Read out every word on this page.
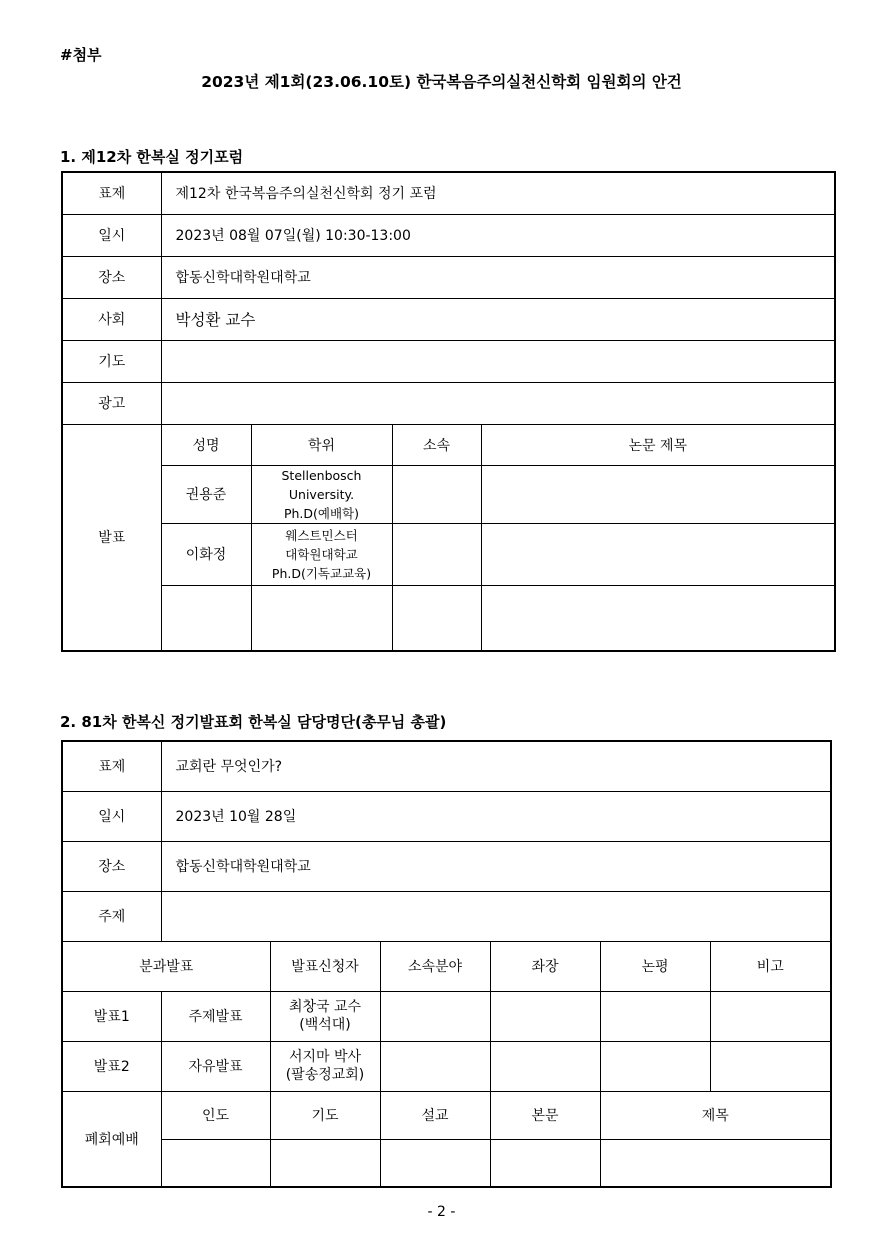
#첨부
2023년 제1회(23.06.10토) 한국복음주의실천신학회 임원회의 안건
1. 제12차 한복실 정기포럼
표제	제12차 한국복음주의실천신학회 정기 포럼			
일시	2023년 08월 07일(월) 10:30-13:00			
장소	합동신학대학원대학교			
사회	박성환 교수			
기도				
광고				
발표	성명	학위	소속	논문 제목
	권용준	Stellenbosch
University.
Ph.D(예배학)		

	이화정	웨스트민스터
대학원대학교
Ph.D(기독교교육)		

2. 81차 한복신 정기발표회 한복실 담당명단(총무님 총괄)
표제	교회란 무엇인가?					
일시	2023년 10월 28일					
장소	합동신학대학원대학교					
주제						
분과발표		발표신청자	소속분야	좌장	논평	비고
발표1	주제발표	최창국 교수
(백석대)				

발표2	자유발표	서지마 박사
(팔송정교회)				

폐회예배	인도	기도	설교	본문	제목	

- 2 -
